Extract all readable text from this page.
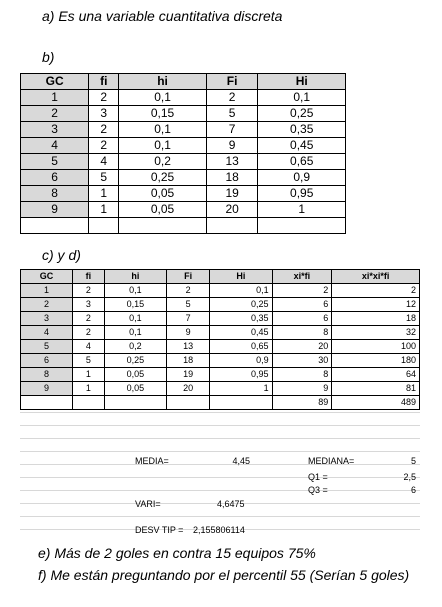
a) Es una variable cuantitativa discreta
b)
GC	fi	hi	Fi	Hi
1	2	0,1	2	0,1
2	3	0,15	5	0,25
3	2	0,1	7	0,35
4	2	0,1	9	0,45
5	4	0,2	13	0,65
6	5	0,25	18	0,9
8	1	0,05	19	0,95
9	1	0,05	20	1

c) y d)
GC	fi	hi	Fi	Hi	xi*fi	xi*xi*fi
1	2	0,1	2	0,1	2	2
2	3	0,15	5	0,25	6	12
3	2	0,1	7	0,35	6	18
4	2	0,1	9	0,45	8	32
5	4	0,2	13	0,65	20	100
6	5	0,25	18	0,9	30	180
8	1	0,05	19	0,95	8	64
9	1	0,05	20	1	9	81
					89	489
MEDIA=	4,45	MEDIANA=	5
Q1 =	2,5
Q3 =	6
VARI=	4,6475
DESV TIP = 2,155806114
e) Más de 2 goles en contra 15 equipos 75%
f) Me están preguntando por el percentil 55 (Serían 5 goles)
